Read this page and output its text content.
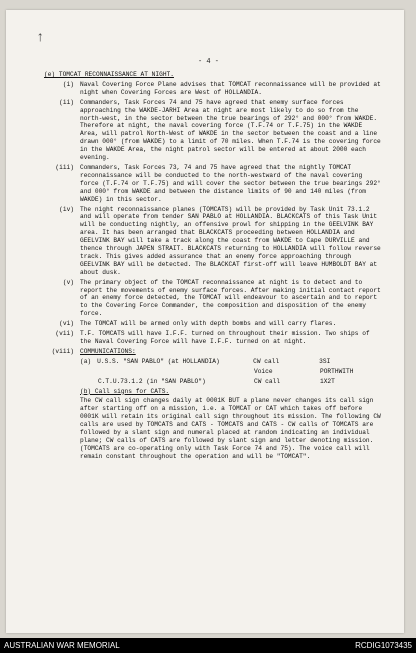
↑
- 4 -

(e) TOMCAT RECONNAISSANCE AT NIGHT.

(i) Naval Covering Force Plane advises that TOMCAT reconnaissance will be provided at night when Covering Forces are West of HOLLANDIA.
(ii) Commanders, Task Forces 74 and 75 have agreed that enemy surface forces approaching the WAKDE-JARHI Area at night are most likely to do so from the north-west, in the sector between the true bearings of 292° and 000° from WAKDE. Therefore at night, the naval covering force (T.F.74 or T.F.75) in the WAKDE Area, will patrol North-West of WAKDE in the sector between the coast and a line drawn 000° (from WAKDE) to a limit of 70 miles. When T.F.74 is the covering force in the WAKDE Area, the night patrol sector will be entered at about 2000 each evening.
(iii) Commanders, Task Forces 73, 74 and 75 have agreed that the nightly TOMCAT reconnaissance will be conducted to the north-westward of the naval covering force (T.F.74 or T.F.75) and will cover the sector between the true bearings 292° and 000° from WAKDE and between the distance limits of 90 and 140 miles (from WAKDE) in this sector.
(iv) The night reconnaissance planes (TOMCATS) will be provided by Task Unit 73.1.2 and will operate from tender SAN PABLO at HOLLANDIA. BLACKCATS of this Task Unit will be conducting nightly, an offensive prowl for shipping in the GEELVINK BAY area. It has been arranged that BLACKCATS proceeding between HOLLANDIA and GEELVINK BAY will take a track along the coast from WAKDE to Cape DURVILLE and thence through JAPEN STRAIT. BLACKCATS returning to HOLLANDIA will follow reverse track. This gives added assurance that an enemy force approaching through GEELVINK BAY will be detected. The BLACKCAT first-off will leave HUMBOLDT BAY at about dusk.
(v) The primary object of the TOMCAT reconnaissance at night is to detect and to report the movements of enemy surface forces. After making initial contact report of an enemy force detected, the TOMCAT will endeavour to ascertain and to report to the Covering Force Commander, the composition and disposition of the enemy force.
(vi) The TOMCAT will be armed only with depth bombs and will carry flares.
(vii) T.F. TOMCATS will have I.F.F. turned on throughout their mission. Two ships of the Naval Covering Force will have I.F.F. turned on at night.
(viii) COMMUNICATIONS:
(a) U.S.S. "SAN PABLO" (at HOLLANDIA)	CW call	3SI
Voice	PORTHWITH
C.T.U.73.1.2 (in "SAN PABLO")	CW call	1X2T

(b) Call signs for CATS.

The CW call sign changes daily at 0001K BUT a plane never changes its call sign after starting off on a mission, i.e. a TOMCAT or CAT which takes off before 0001K will retain its original call sign throughout its mission. The following CW calls are used by TOMCATS and CATS - TOMCATS and CATS - CW calls of TOMCATS are followed by a slant sign and numeral placed at random indicating an individual plane; CW calls of CATS are followed by slant sign and letter denoting mission. (TOMCATS are co-operating only with Task Force 74 and 75). The voice call will remain constant throughout the operation and will be "TOMCAT".

AUSTRALIAN WAR MEMORIAL	RCDIG1073435
